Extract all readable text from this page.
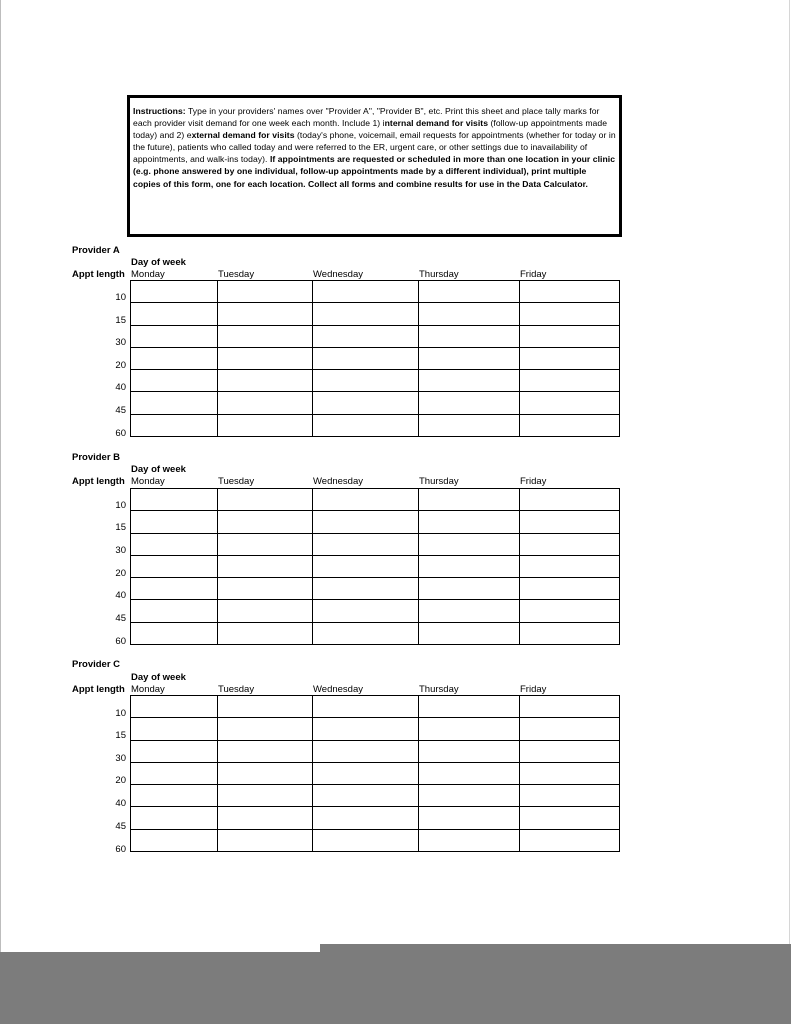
Instructions: Type in your providers' names over "Provider A", "Provider B", etc. Print this sheet and place tally marks for each provider visit demand for one week each month. Include 1) internal demand for visits (follow-up appointments made today) and 2) external demand for visits (today's phone, voicemail, email requests for appointments (whether for today or in the future), patients who called today and were referred to the ER, urgent care, or other settings due to inavailability of appointments, and walk-ins today). If appointments are requested or scheduled in more than one location in your clinic (e.g. phone answered by one individual, follow-up appointments made by a different individual), print multiple copies of this form, one for each location. Collect all forms and combine results for use in the Data Calculator.
Provider A
Day of week
Appt length Monday	Tuesday	Wednesday	Thursday	Friday
10
15
30
20
40
45
60

Provider B
Day of week
Appt length Monday	Tuesday	Wednesday	Thursday	Friday
10
15
30
20
40
45
60

Provider C
Day of week
Appt length Monday	Tuesday	Wednesday	Thursday	Friday
10
15
30
20
40
45
60
